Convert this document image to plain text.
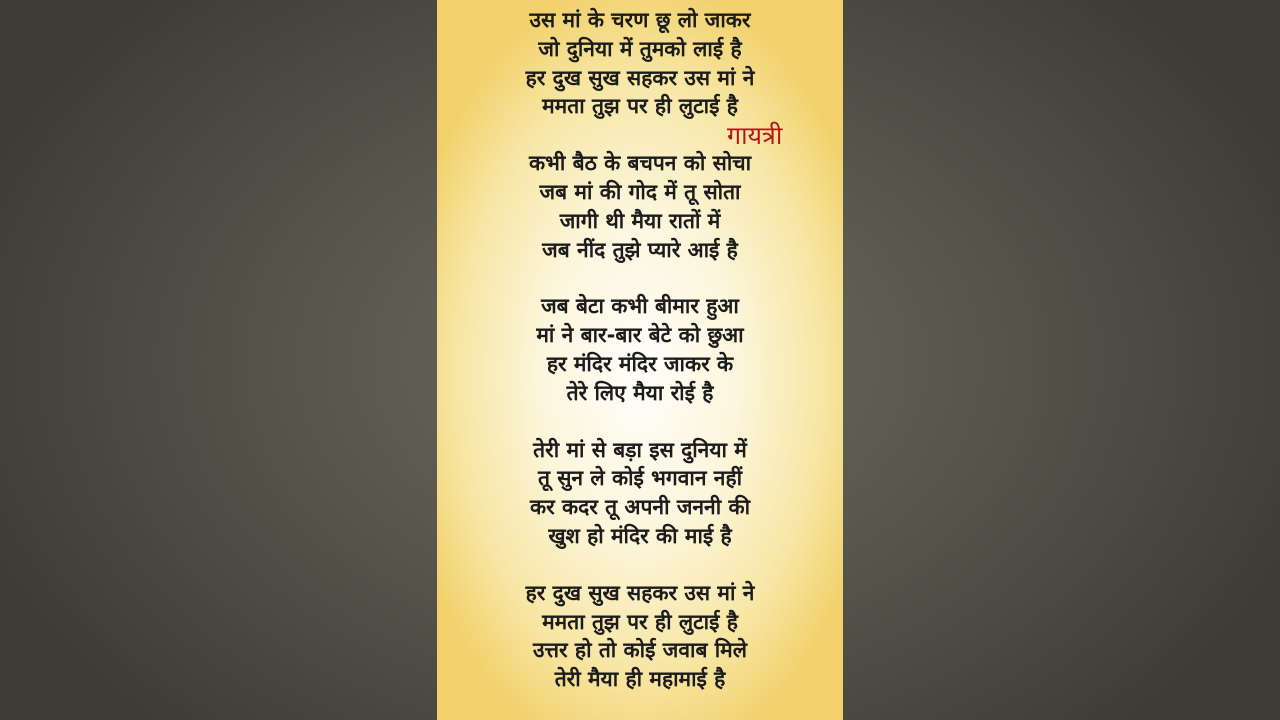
उस मां के चरण छू लो जाकर
जो दुनिया में तुमको लाई है
हर दुख सुख सहकर उस मां ने
ममता तुझ पर ही लुटाई है
कभी बैठ के बचपन को सोचा
जब मां की गोद में तू सोता
जागी थी मैया रातों में
जब नींद तुझे प्यारे आई है
जब बेटा कभी बीमार हुआ
मां ने बार-बार बेटे को छुआ
हर मंदिर मंदिर जाकर के
तेरे लिए मैया रोई है
तेरी मां से बड़ा इस दुनिया में
तू सुन ले कोई भगवान नहीं
कर कदर तू अपनी जननी की
खुश हो मंदिर की माई है
हर दुख सुख सहकर उस मां ने
ममता तुझ पर ही लुटाई है
उत्तर हो तो कोई जवाब मिले
तेरी मैया ही महामाई है
गायत्री
